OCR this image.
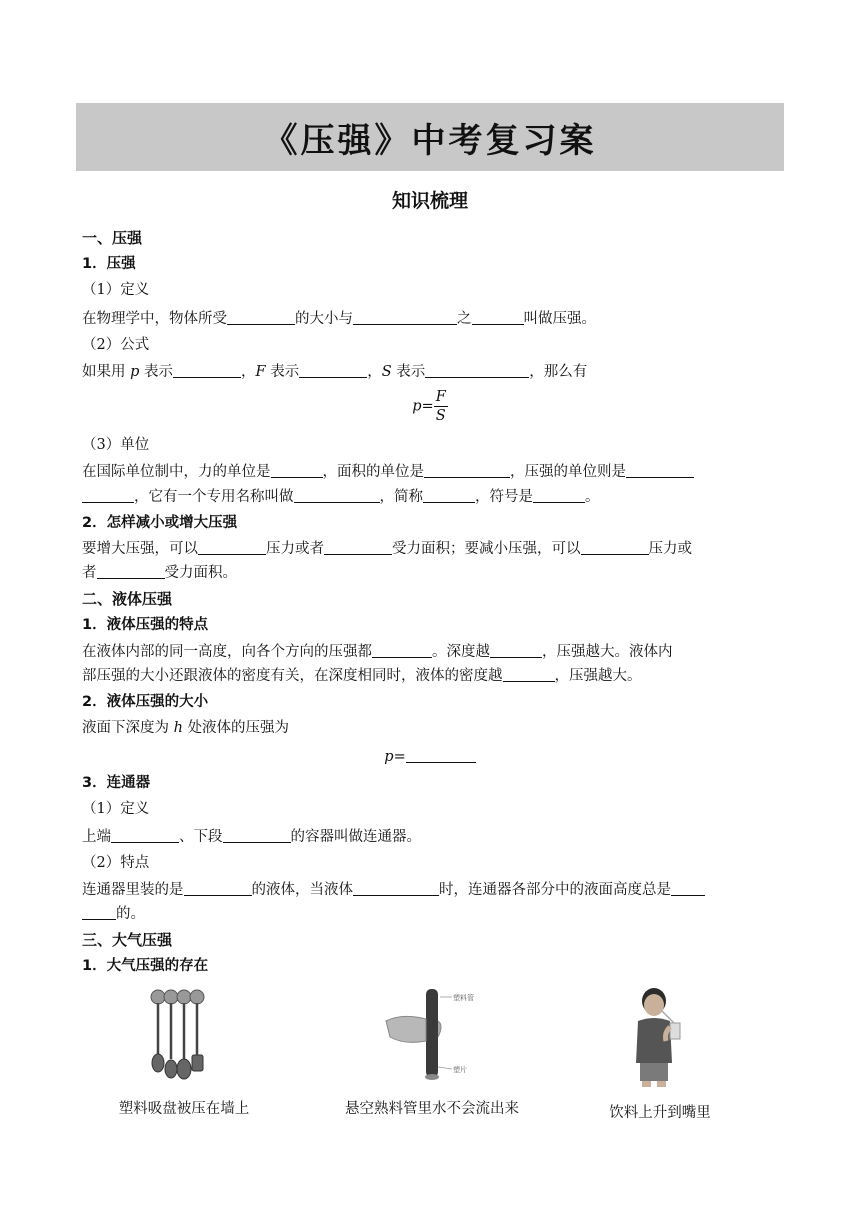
《压强》中考复习案
知识梳理
一、压强
1．压强
（1）定义
在物理学中，物体所受	的大小与	之	叫做压强。
（2）公式
如果用 p 表示	，F 表示	，S 表示	，那么有
$p= \frac{F}{S}$
（3）单位
在国际单位制中，力的单位是	，面积的单位是	，压强的单位则是
，它有一个专用名称叫做	，简称	，符号是	。
2．怎样减小或增大压强
要增大压强，可以	压力或者	受力面积；要减小压强，可以	压力或
者	受力面积。
二、液体压强
1．液体压强的特点
在液体内部的同一高度，向各个方向的压强都	。深度越	，压强越大。液体内
部压强的大小还跟液体的密度有关，在深度相同时，液体的密度越	，压强越大。
2．液体压强的大小
液面下深度为 h 处液体的压强为
p=
3．连通器
（1）定义
上端	、下段	的容器叫做连通器。
（2）特点
连通器里装的是	的液体，当液体	时，连通器各部分中的液面高度总是
的。
三、大气压强
1．大气压强的存在
塑料吸盘被压在墙上
塑料管
塑片
悬空熟料管里水不会流出来	饮料上升到嘴里
